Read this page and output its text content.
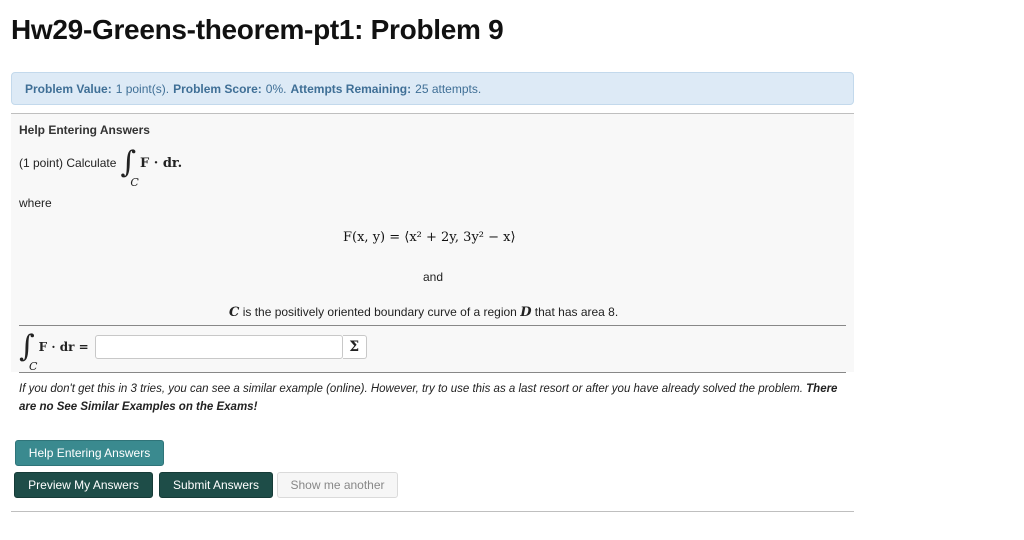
Hw29-Greens-theorem-pt1: Problem 9
Problem Value: 1 point(s). Problem Score: 0%. Attempts Remaining: 25 attempts.
Help Entering Answers
(1 point) Calculate ∫
C
F · dr.
where
F(x, y) = ⟨x² + 2y, 3y² − x⟩
and
C is the positively oriented boundary curve of a region D that has area 8.
∫
C
F · dr =	Σ
If you don't get this in 3 tries, you can see a similar example (online). However, try to use this as a last resort or after you have already solved the problem. There are no See Similar Examples on the Exams!
Help Entering Answers
Preview My Answers	Submit Answers	Show me another
